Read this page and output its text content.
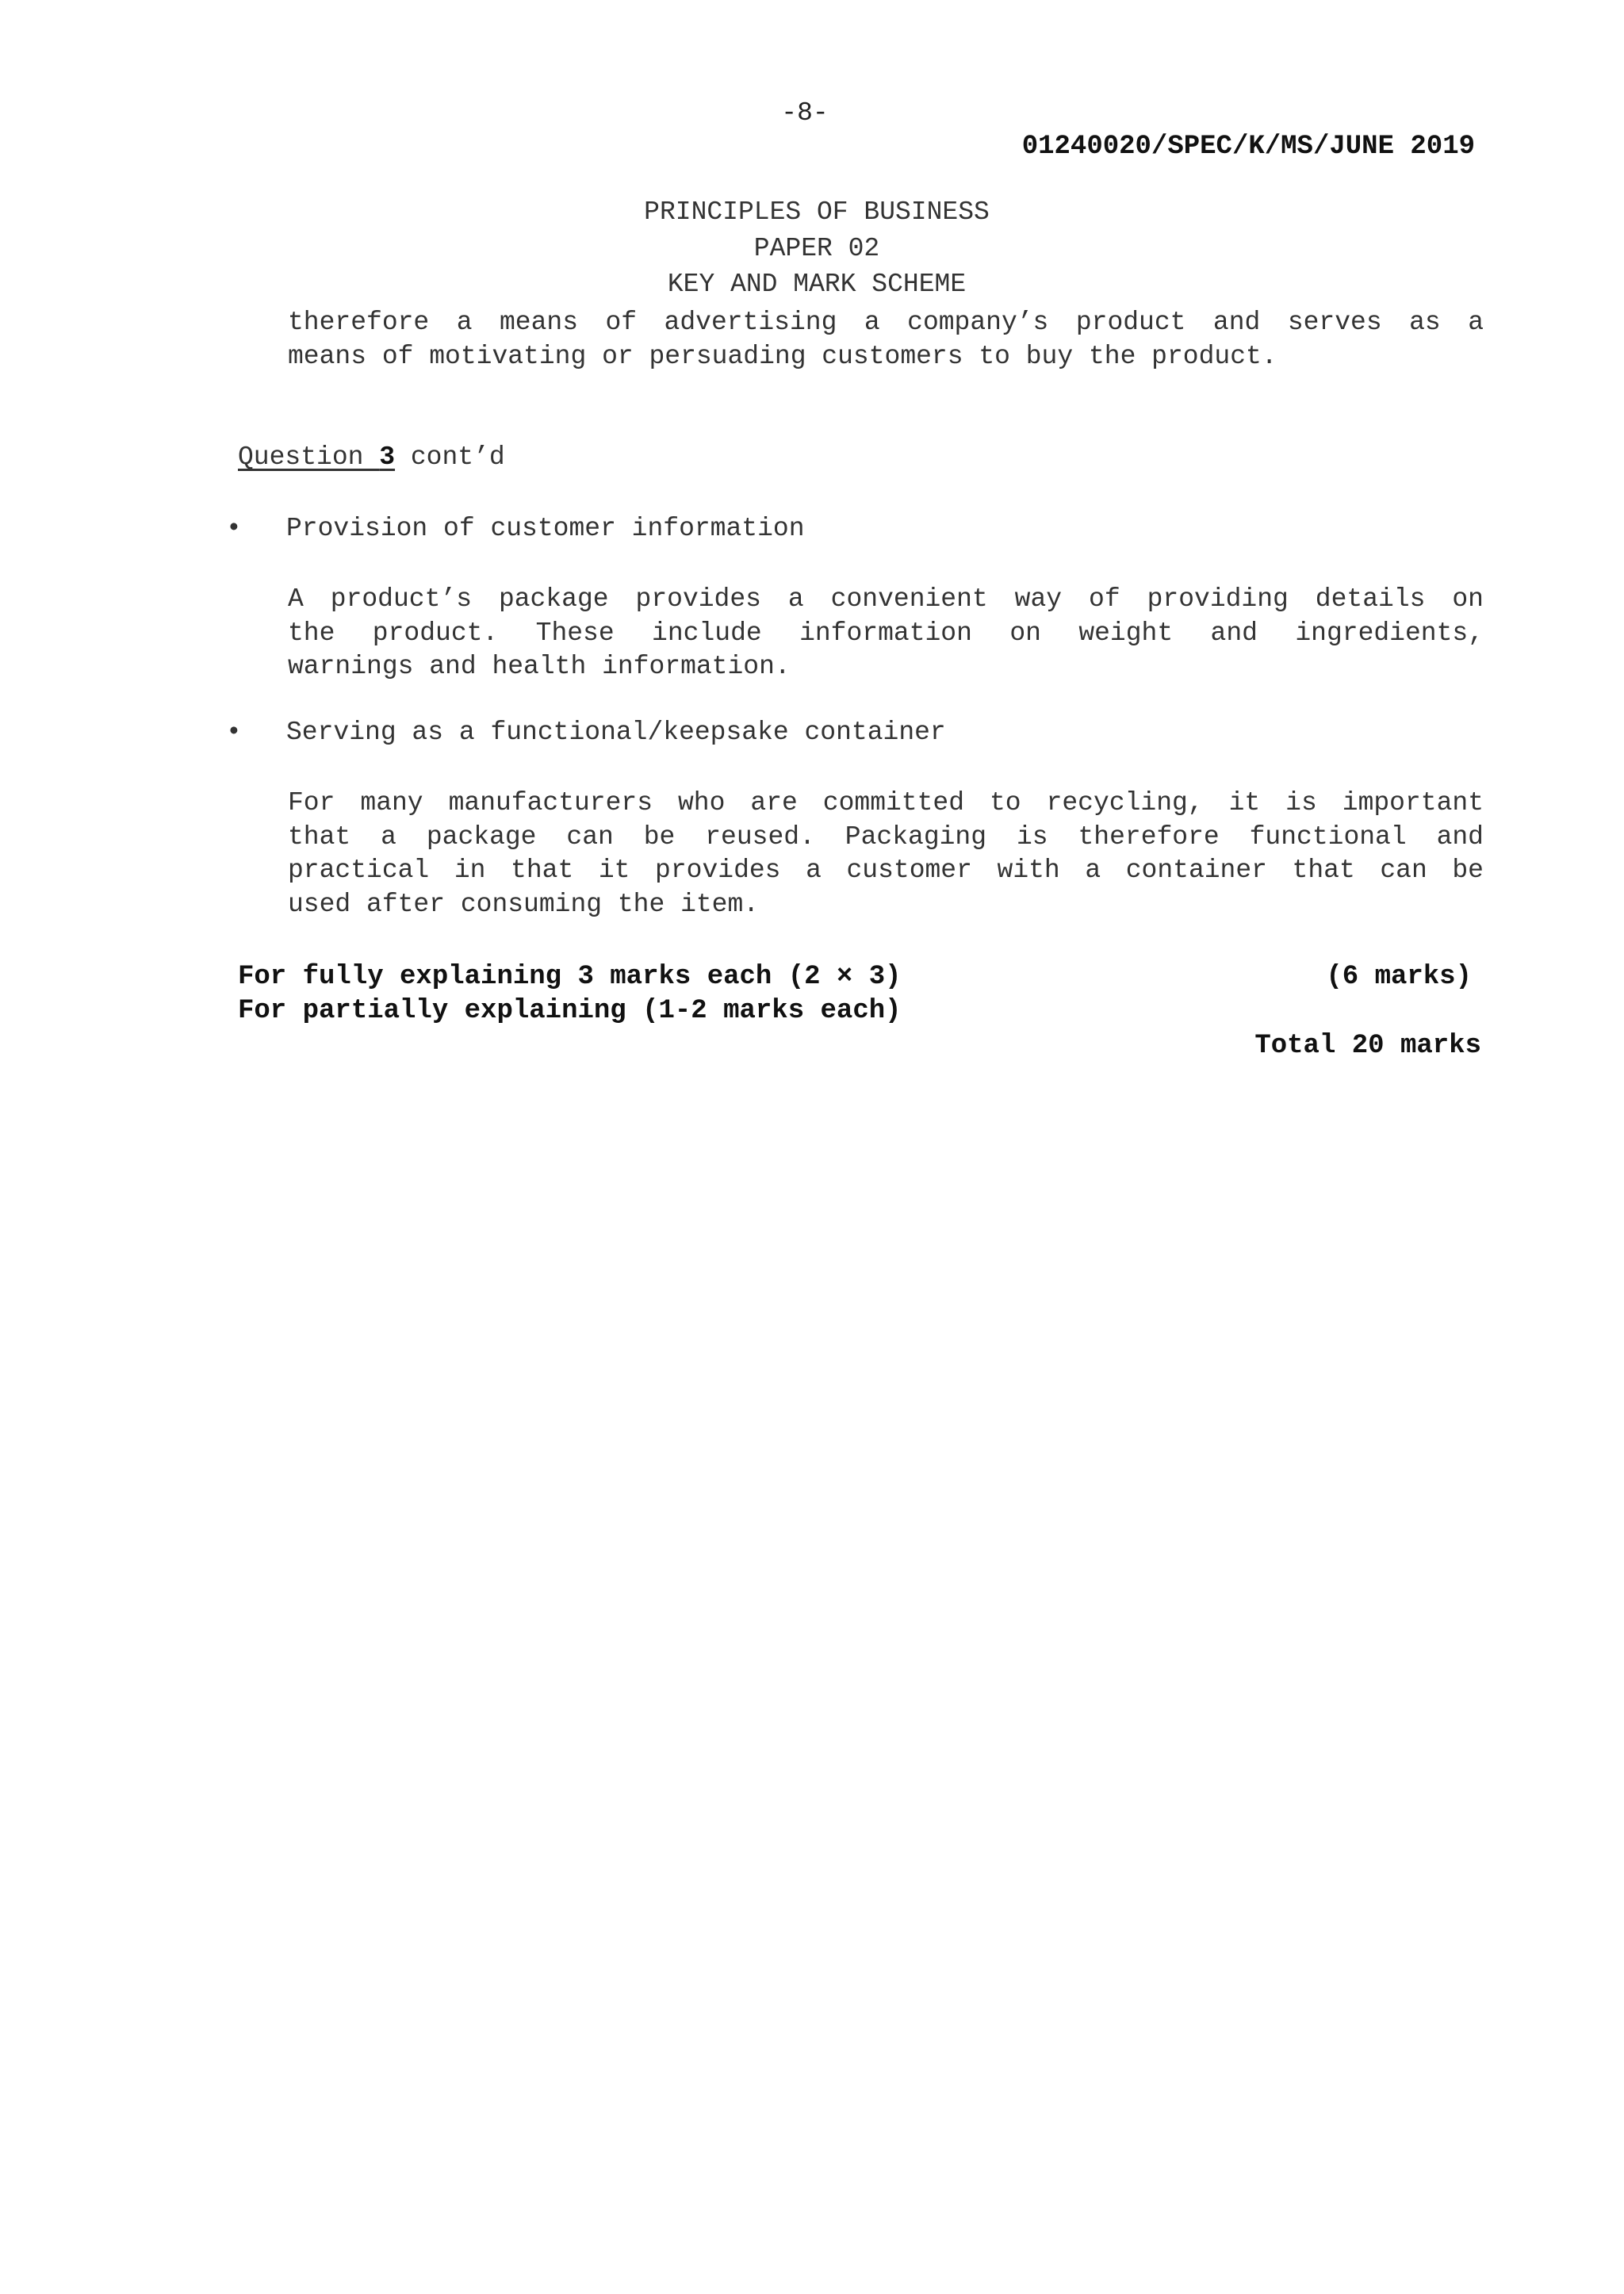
-8-
01240020/SPEC/K/MS/JUNE 2019
PRINCIPLES OF BUSINESS
PAPER 02
KEY AND MARK SCHEME
therefore a means of advertising a company’s product and serves as a
means of motivating or persuading customers to buy the product.
Question 3 cont’d
• Provision of customer information
A product’s package provides a convenient way of providing details on
the product. These include information on weight and ingredients,
warnings and health information.
• Serving as a functional/keepsake container
For many manufacturers who are committed to recycling, it is important
that a package can be reused. Packaging is therefore functional and
practical in that it provides a customer with a container that can be
used after consuming the item.
For fully explaining 3 marks each (2 × 3)	(6 marks)
For partially explaining (1-2 marks each)
Total 20 marks
